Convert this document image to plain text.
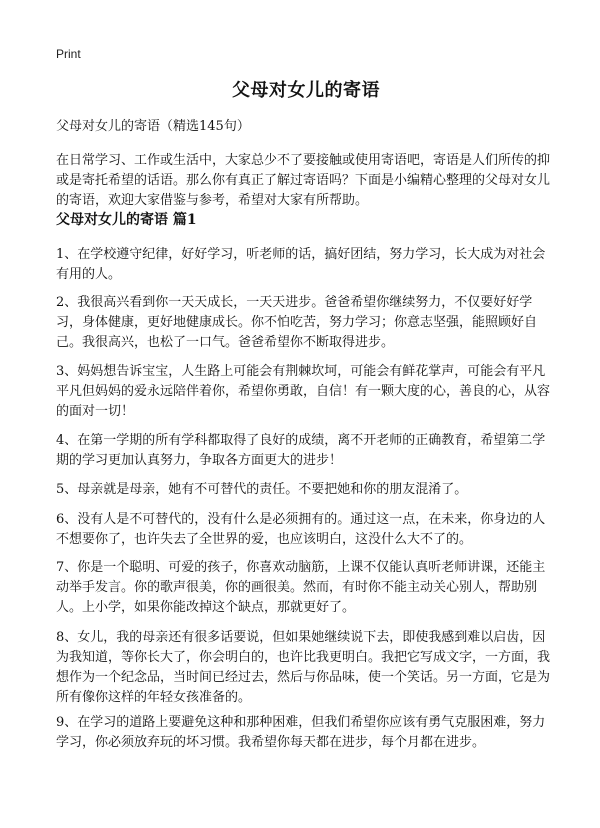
Print
父母对女儿的寄语

父母对女儿的寄语（精选145句）

在日常学习、工作或生活中，大家总少不了要接触或使用寄语吧，寄语是人们所传的抑或是寄托希望的话语。那么你有真正了解过寄语吗？下面是小编精心整理的父母对女儿的寄语，欢迎大家借鉴与参考，希望对大家有所帮助。

父母对女儿的寄语 篇1

1、在学校遵守纪律，好好学习，听老师的话，搞好团结，努力学习，长大成为对社会有用的人。

2、我很高兴看到你一天天成长，一天天进步。爸爸希望你继续努力，不仅要好好学习，身体健康，更好地健康成长。你不怕吃苦，努力学习；你意志坚强，能照顾好自己。我很高兴，也松了一口气。爸爸希望你不断取得进步。

3、妈妈想告诉宝宝，人生路上可能会有荆棘坎坷，可能会有鲜花掌声，可能会有平凡平凡但妈妈的爱永远陪伴着你，希望你勇敢，自信！有一颗大度的心，善良的心，从容的面对一切！

4、在第一学期的所有学科都取得了良好的成绩，离不开老师的正确教育，希望第二学期的学习更加认真努力，争取各方面更大的进步！

5、母亲就是母亲，她有不可替代的责任。不要把她和你的朋友混淆了。

6、没有人是不可替代的，没有什么是必须拥有的。通过这一点，在未来，你身边的人不想要你了，也许失去了全世界的爱，也应该明白，这没什么大不了的。

7、你是一个聪明、可爱的孩子，你喜欢动脑筋，上课不仅能认真听老师讲课，还能主动举手发言。你的歌声很美，你的画很美。然而，有时你不能主动关心别人，帮助别人。上小学，如果你能改掉这个缺点，那就更好了。

8、女儿，我的母亲还有很多话要说，但如果她继续说下去，即使我感到难以启齿，因为我知道，等你长大了，你会明白的，也许比我更明白。我把它写成文字，一方面，我想作为一个纪念品，当时间已经过去，然后与你品味，使一个笑话。另一方面，它是为所有像你这样的年轻女孩准备的。

9、在学习的道路上要避免这种和那种困难，但我们希望你应该有勇气克服困难，努力学习，你必须放弃玩的坏习惯。我希望你每天都在进步，每个月都在进步。
